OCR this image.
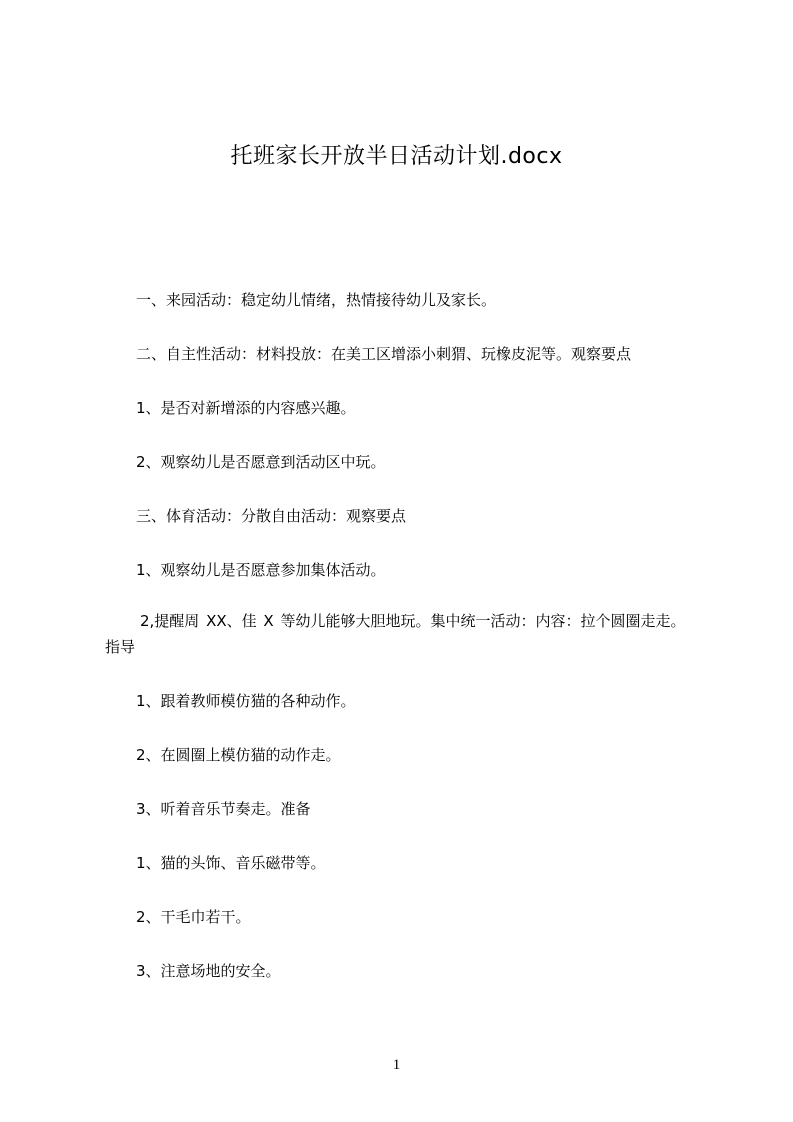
托班家长开放半日活动计划.docx

一、来园活动：稳定幼儿情绪，热情接待幼儿及家长。

二、自主性活动：材料投放：在美工区增添小刺猬、玩橡皮泥等。观察要点

1、是否对新增添的内容感兴趣。

2、观察幼儿是否愿意到活动区中玩。

三、体育活动：分散自由活动：观察要点

1、观察幼儿是否愿意参加集体活动。

2,提醒周 XX、佳 X 等幼儿能够大胆地玩。集中统一活动：内容：拉个圆圈走走。

指导

1、跟着教师模仿猫的各种动作。

2、在圆圈上模仿猫的动作走。

3、听着音乐节奏走。准备

1、猫的头饰、音乐磁带等。

2、干毛巾若干。

3、注意场地的安全。

1
